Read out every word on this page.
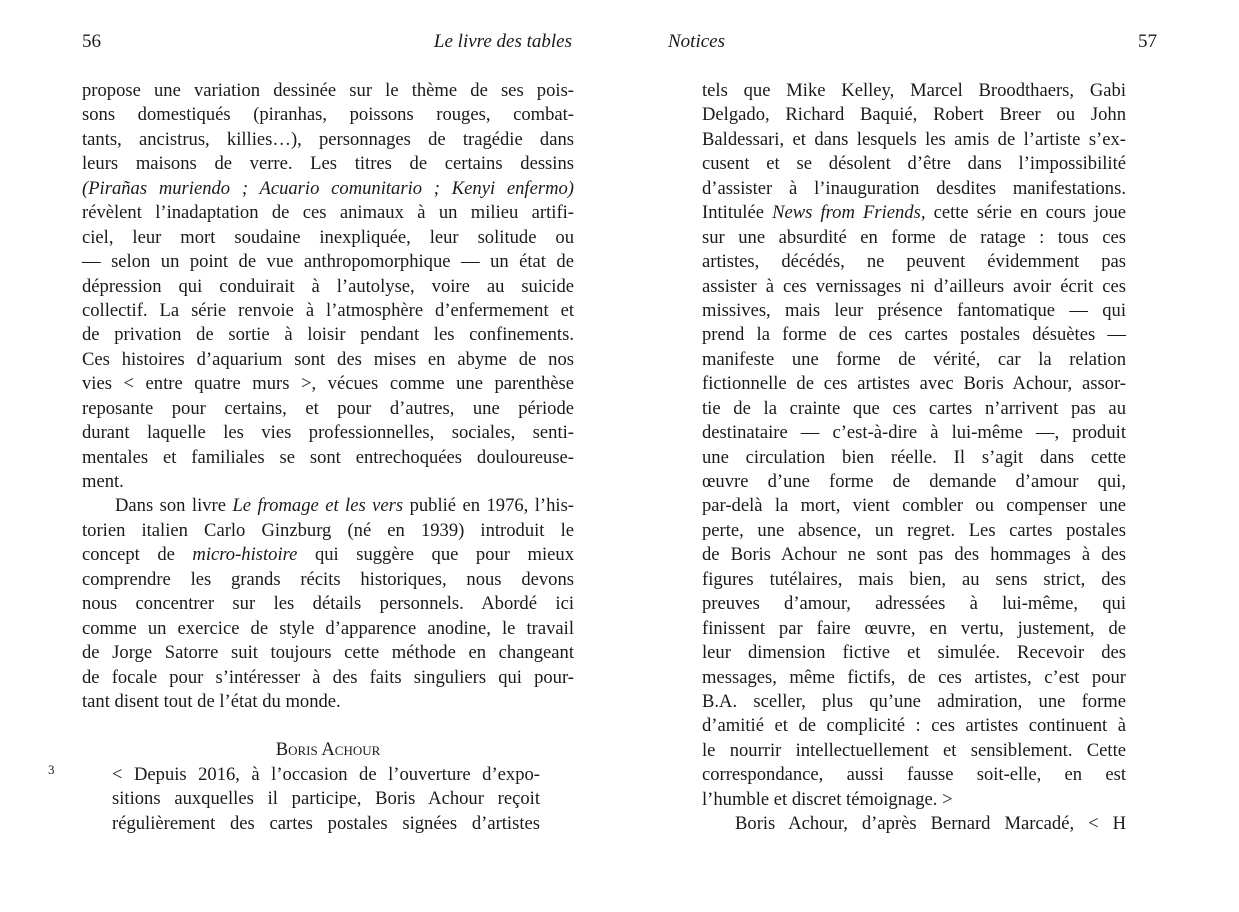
56	Le livre des tables	Notices	57
propose une variation dessinée sur le thème de ses pois-
sons domestiqués (piranhas, poissons rouges, combat-
tants, ancistrus, killies…), personnages de tragédie dans
leurs maisons de verre. Les titres de certains dessins
(Pirañas muriendo ; Acuario comunitario ; Kenyi enfermo)
révèlent l’inadaptation de ces animaux à un milieu artifi-
ciel, leur mort soudaine inexpliquée, leur solitude ou
— selon un point de vue anthropomorphique — un état de
dépression qui conduirait à l’autolyse, voire au suicide
collectif. La série renvoie à l’atmosphère d’enfermement et
de privation de sortie à loisir pendant les confinements.
Ces histoires d’aquarium sont des mises en abyme de nos
vies < entre quatre murs >, vécues comme une parenthèse
reposante pour certains, et pour d’autres, une période
durant laquelle les vies professionnelles, sociales, senti-
mentales et familiales se sont entrechoquées douloureuse-
ment.
Dans son livre Le fromage et les vers publié en 1976, l’his-
torien italien Carlo Ginzburg (né en 1939) introduit le
concept de micro-histoire qui suggère que pour mieux
comprendre les grands récits historiques, nous devons
nous concentrer sur les détails personnels. Abordé ici
comme un exercice de style d’apparence anodine, le travail
de Jorge Satorre suit toujours cette méthode en changeant
de focale pour s’intéresser à des faits singuliers qui pour-
tant disent tout de l’état du monde.
Boris Achour
3	< Depuis 2016, à l’occasion de l’ouverture d’expo-
sitions auxquelles il participe, Boris Achour reçoit
régulièrement des cartes postales signées d’artistes
tels que Mike Kelley, Marcel Broodthaers, Gabi
Delgado, Richard Baquié, Robert Breer ou John
Baldessari, et dans lesquels les amis de l’artiste s’ex-
cusent et se désolent d’être dans l’impossibilité
d’assister à l’inauguration desdites manifestations.
Intitulée News from Friends, cette série en cours joue
sur une absurdité en forme de ratage : tous ces
artistes, décédés, ne peuvent évidemment pas
assister à ces vernissages ni d’ailleurs avoir écrit ces
missives, mais leur présence fantomatique — qui
prend la forme de ces cartes postales désuètes —
manifeste une forme de vérité, car la relation
fictionnelle de ces artistes avec Boris Achour, assor-
tie de la crainte que ces cartes n’arrivent pas au
destinataire — c’est-à-dire à lui-même —, produit
une circulation bien réelle. Il s’agit dans cette
œuvre d’une forme de demande d’amour qui,
par-delà la mort, vient combler ou compenser une
perte, une absence, un regret. Les cartes postales
de Boris Achour ne sont pas des hommages à des
figures tutélaires, mais bien, au sens strict, des
preuves d’amour, adressées à lui-même, qui
finissent par faire œuvre, en vertu, justement, de
leur dimension fictive et simulée. Recevoir des
messages, même fictifs, de ces artistes, c’est pour
B.A. sceller, plus qu’une admiration, une forme
d’amitié et de complicité : ces artistes continuent à
le nourrir intellectuellement et sensiblement. Cette
correspondance, aussi fausse soit-elle, en est
l’humble et discret témoignage. >
Boris Achour, d’après Bernard Marcadé, < H
